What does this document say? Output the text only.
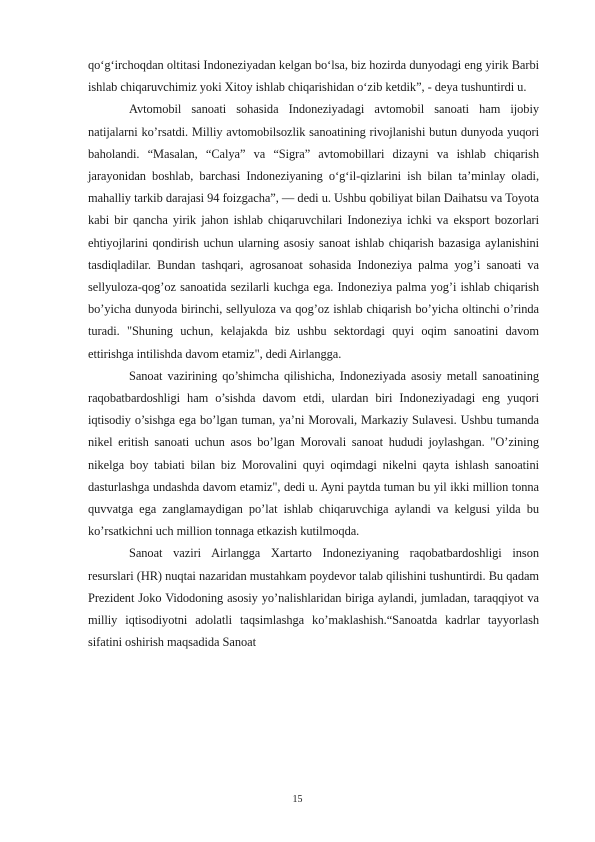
qoʻgʻirchoqdan oltitasi Indoneziyadan kelgan boʻlsa, biz hozirda dunyodagi eng yirik Barbi ishlab chiqaruvchimiz yoki Xitoy ishlab chiqarishidan oʻzib ketdik”, - deya tushuntirdi u.

Avtomobil sanoati sohasida Indoneziyadagi avtomobil sanoati ham ijobiy natijalarni ko’rsatdi. Milliy avtomobilsozlik sanoatining rivojlanishi butun dunyoda yuqori baholandi. “Masalan, “Calya” va “Sigra” avtomobillari dizayni va ishlab chiqarish jarayonidan boshlab, barchasi Indoneziyaning oʻgʻil-qizlarini ish bilan ta’minlay oladi, mahalliy tarkib darajasi 94 foizgacha”, — dedi u. Ushbu qobiliyat bilan Daihatsu va Toyota kabi bir qancha yirik jahon ishlab chiqaruvchilari Indoneziya ichki va eksport bozorlari ehtiyojlarini qondirish uchun ularning asosiy sanoat ishlab chiqarish bazasiga aylanishini tasdiqladilar. Bundan tashqari, agrosanoat sohasida Indoneziya palma yog’i sanoati va sellyuloza-qog’oz sanoatida sezilarli kuchga ega. Indoneziya palma yog’i ishlab chiqarish bo’yicha dunyoda birinchi, sellyuloza va qog’oz ishlab chiqarish bo’yicha oltinchi o’rinda turadi. "Shuning uchun, kelajakda biz ushbu sektordagi quyi oqim sanoatini davom ettirishga intilishda davom etamiz", dedi Airlangga.

Sanoat vazirining qo’shimcha qilishicha, Indoneziyada asosiy metall sanoatining raqobatbardoshligi ham o’sishda davom etdi, ulardan biri Indoneziyadagi eng yuqori iqtisodiy o’sishga ega bo’lgan tuman, ya’ni Morovali, Markaziy Sulavesi. Ushbu tumanda nikel eritish sanoati uchun asos bo’lgan Morovali sanoat hududi joylashgan. "O’zining nikelga boy tabiati bilan biz Morovalini quyi oqimdagi nikelni qayta ishlash sanoatini dasturlashga undashda davom etamiz", dedi u. Ayni paytda tuman bu yil ikki million tonna quvvatga ega zanglamaydigan po’lat ishlab chiqaruvchiga aylandi va kelgusi yilda bu ko’rsatkichni uch million tonnaga etkazish kutilmoqda.

Sanoat vaziri Airlangga Xartarto Indoneziyaning raqobatbardoshligi inson resurslari (HR) nuqtai nazaridan mustahkam poydevor talab qilishini tushuntirdi. Bu qadam Prezident Joko Vidodoning asosiy yo’nalishlaridan biriga aylandi, jumladan, taraqqiyot va milliy iqtisodiyotni adolatli taqsimlashga ko’maklashish.“Sanoatda kadrlar tayyorlash sifatini oshirish maqsadida Sanoat

15
